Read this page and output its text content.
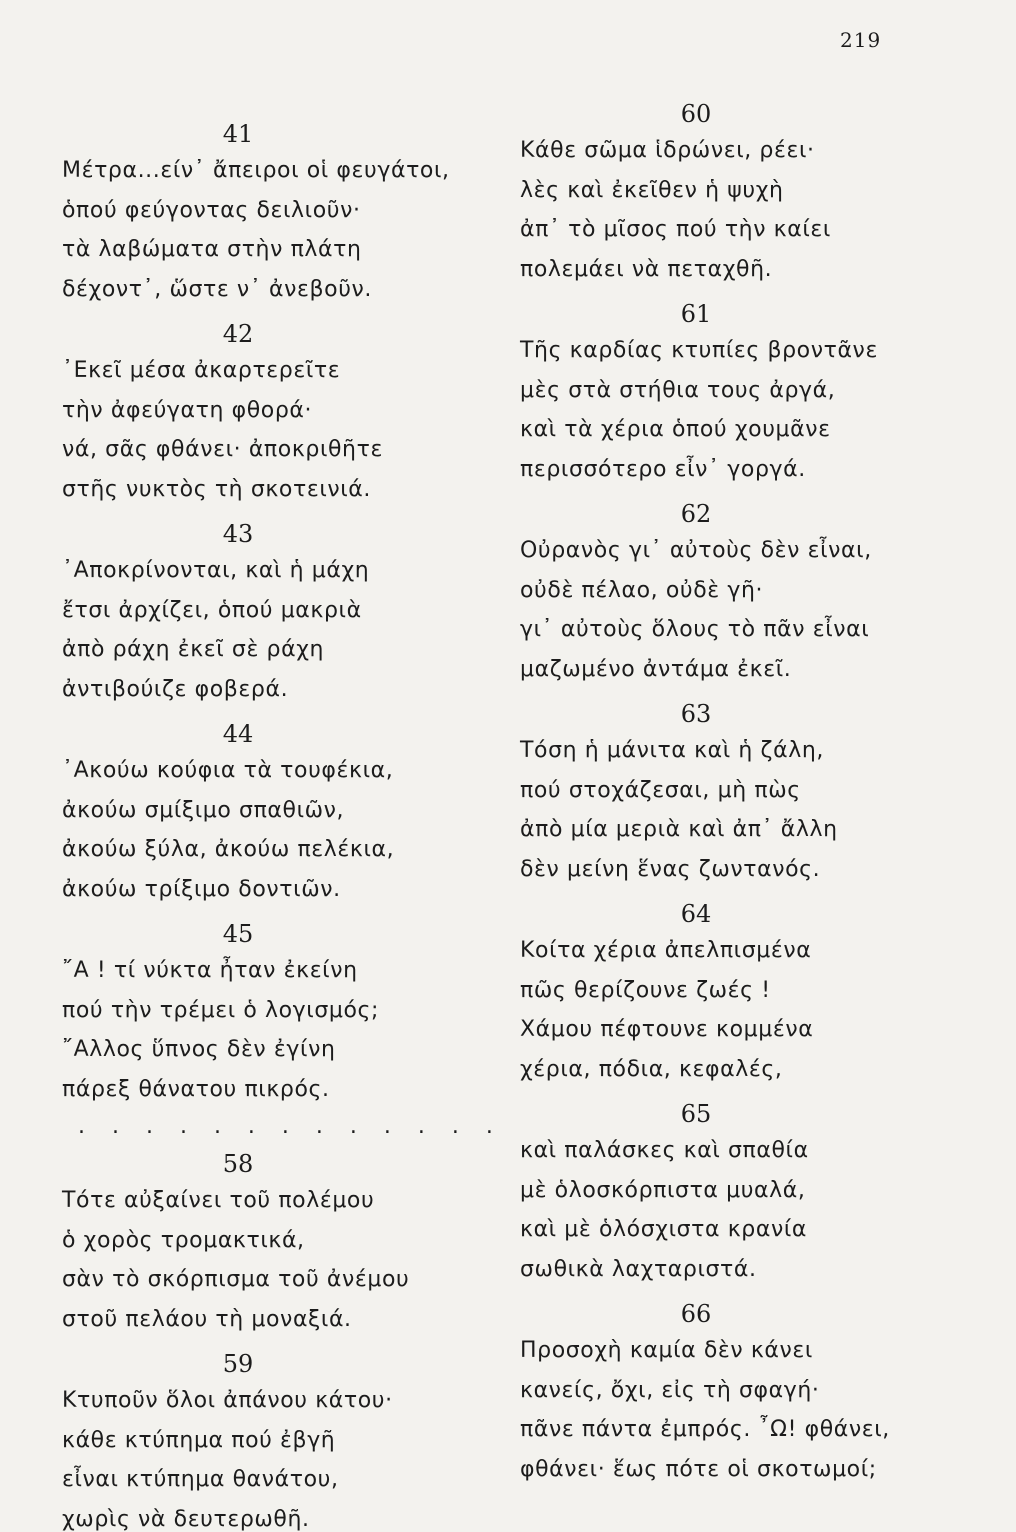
219
41
Μέτρα...είν᾽ ἄπειροι οἱ φευγάτοι,
ὁπού φεύγοντας δειλιοῦν·
τὰ λαβώματα στὴν πλάτη
δέχοντ᾽, ὥστε ν᾽ ἀνεβοῦν.
42
᾽Εκεῖ μέσα ἀκαρτερεῖτε
τὴν ἀφεύγατη φθορά·
νά, σᾶς φθάνει· ἀποκριθῆτε
στῆς νυκτὸς τὴ σκοτεινιά.
43
᾽Αποκρίνονται, καὶ ἡ μάχη
ἔτσι ἀρχίζει, ὁπού μακριὰ
ἀπὸ ράχη ἐκεῖ σὲ ράχη
ἀντιβούιζε φοβερά.
44
᾽Ακούω κούφια τὰ τουφέκια,
ἀκούω σμίξιμο σπαθιῶν,
ἀκούω ξύλα, ἀκούω πελέκια,
ἀκούω τρίξιμο δοντιῶν.
45
῎Α ! τί νύκτα ἦταν ἐκείνη
πού τὴν τρέμει ὁ λογισμός;
῎Αλλος ὕπνος δὲν ἐγίνη
πάρεξ θάνατου πικρός.
. . . . . . . . . . . . .
58
Τότε αὐξαίνει τοῦ πολέμου
ὁ χορὸς τρομακτικά,
σὰν τὸ σκόρπισμα τοῦ ἀνέμου
στοῦ πελάου τὴ μοναξιά.
59
Κτυποῦν ὅλοι ἀπάνου κάτου·
κάθε κτύπημα πού ἐβγῆ
εἶναι κτύπημα θανάτου,
χωρὶς νὰ δευτερωθῆ.
60
Κάθε σῶμα ἱδρώνει, ρέει·
λὲς καὶ ἐκεῖθεν ἡ ψυχὴ
ἀπ᾽ τὸ μῖσος πού τὴν καίει
πολεμάει νὰ πεταχθῆ.
61
Τῆς καρδίας κτυπίες βροντᾶνε
μὲς στὰ στήθια τους ἀργά,
καὶ τὰ χέρια ὁπού χουμᾶνε
περισσότερο εἶν᾽ γοργά.
62
Οὐρανὸς γι᾽ αὐτοὺς δὲν εἶναι,
οὐδὲ πέλαο, οὐδὲ γῆ·
γι᾽ αὐτοὺς ὅλους τὸ πᾶν εἶναι
μαζωμένο ἀντάμα ἐκεῖ.
63
Τόση ἡ μάνιτα καὶ ἡ ζάλη,
πού στοχάζεσαι, μὴ πὼς
ἀπὸ μία μεριὰ καὶ ἀπ᾽ ἄλλη
δὲν μείνη ἕνας ζωντανός.
64
Κοίτα χέρια ἀπελπισμένα
πῶς θερίζουνε ζωές !
Χάμου πέφτουνε κομμένα
χέρια, πόδια, κεφαλές,
65
καὶ παλάσκες καὶ σπαθία
μὲ ὁλοσκόρπιστα μυαλά,
καὶ μὲ ὁλόσχιστα κρανία
σωθικὰ λαχταριστά.
66
Προσοχὴ καμία δὲν κάνει
κανείς, ὄχι, εἰς τὴ σφαγή·
πᾶνε πάντα ἐμπρός. ῏Ω! φθάνει,
φθάνει· ἕως πότε οἱ σκοτωμοί;
